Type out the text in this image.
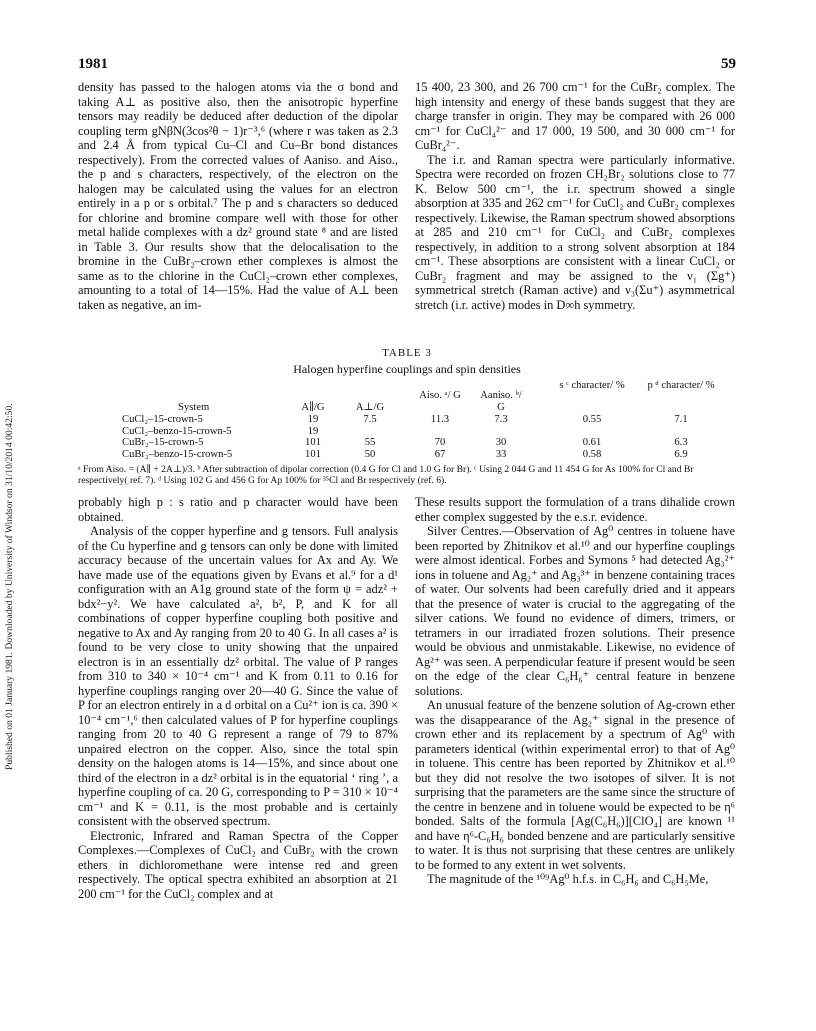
Published on 01 January 1981. Downloaded by University of Windsor on 31/10/2014 00:42:50.
1981	59

density has passed to the halogen atoms via the σ bond and taking A⊥ as positive also, then the anisotropic hyperfine tensors may readily be deduced after deduction of the dipolar coupling term gNβN(3cos²θ − 1)r⁻³,⁶ (where r was taken as 2.3 and 2.4 Å from typical Cu–Cl and Cu–Br bond distances respectively). From the corrected values of Aaniso. and Aiso., the p and s characters, respectively, of the electron on the halogen may be calculated using the values for an electron entirely in a p or s orbital.⁷ The p and s characters so deduced for chlorine and bromine compare well with those for other metal halide complexes with a dz² ground state ⁸ and are listed in Table 3. Our results show that the delocalisation to the bromine in the CuBr₂–crown ether complexes is almost the same as to the chlorine in the CuCl₂–crown ether complexes, amounting to a total of 14—15%. Had the value of A⊥ been taken as negative, an im-

15 400, 23 300, and 26 700 cm⁻¹ for the CuBr₂ complex. The high intensity and energy of these bands suggest that they are charge transfer in origin. They may be compared with 26 000 cm⁻¹ for CuCl₄²⁻ and 17 000, 19 500, and 30 000 cm⁻¹ for CuBr₄²⁻.

The i.r. and Raman spectra were particularly informative. Spectra were recorded on frozen CH₂Br₂ solutions close to 77 K. Below 500 cm⁻¹, the i.r. spectrum showed a single absorption at 335 and 262 cm⁻¹ for CuCl₂ and CuBr₂ complexes respectively. Likewise, the Raman spectrum showed absorptions at 285 and 210 cm⁻¹ for CuCl₂ and CuBr₂ complexes respectively, in addition to a strong solvent absorption at 184 cm⁻¹. These absorptions are consistent with a linear CuCl₂ or CuBr₂ fragment and may be assigned to the ν₁ (Σg⁺) symmetrical stretch (Raman active) and ν₃(Σu⁺) asymmetrical stretch (i.r. active) modes in D∞h symmetry.

TABLE 3
Halogen hyperfine couplings and spin densities
System	A∥/G	A⊥/G
Aiso. ᵃ/ G	Aaniso. ᵇ/ G
s ᶜ character/ %	p ᵈ character/ %
CuCl₂–15-crown-5	19	7.5	11.3	7.3	0.55	7.1
CuCl₂–benzo-15-crown-5	19
CuBr₂–15-crown-5	101	55	70	30	0.61	6.3
CuBr₂–benzo-15-crown-5	101	50	67	33	0.58	6.9

ᵃ From Aiso. = (A∥ + 2A⊥)/3. ᵇ After subtraction of dipolar correction (0.4 G for Cl and 1.0 G for Br). ᶜ Using 2 044 G and 11 454 G for As 100% for Cl and Br respectively( ref. 7). ᵈ Using 102 G and 456 G for Ap 100% for ³⁵Cl and Br respectively (ref. 6).

probably high p : s ratio and p character would have been obtained.

Analysis of the copper hyperfine and g tensors. Full analysis of the Cu hyperfine and g tensors can only be done with limited accuracy because of the uncertain values for Ax and Ay. We have made use of the equations given by Evans et al.⁹ for a d¹ configuration with an A1g ground state of the form ψ = adz² + bdx²−y². We have calculated a², b², P, and K for all combinations of copper hyperfine coupling both positive and negative to Ax and Ay ranging from 20 to 40 G. In all cases a² is found to be very close to unity showing that the unpaired electron is in an essentially dz² orbital. The value of P ranges from 310 to 340 × 10⁻⁴ cm⁻¹ and K from 0.11 to 0.16 for hyperfine couplings ranging over 20—40 G. Since the value of P for an electron entirely in a d orbital on a Cu²⁺ ion is ca. 390 × 10⁻⁴ cm⁻¹,⁶ then calculated values of P for hyperfine couplings ranging from 20 to 40 G represent a range of 79 to 87% unpaired electron on the copper. Also, since the total spin density on the halogen atoms is 14—15%, and since about one third of the electron in a dz² orbital is in the equatorial ‘ ring ’, a hyperfine coupling of ca. 20 G, corresponding to P = 310 × 10⁻⁴ cm⁻¹ and K = 0.11, is the most probable and is certainly consistent with the observed spectrum.

Electronic, Infrared and Raman Spectra of the Copper Complexes.—Complexes of CuCl₂ and CuBr₂ with the crown ethers in dichloromethane were intense red and green respectively. The optical spectra exhibited an absorption at 21 200 cm⁻¹ for the CuCl₂ complex and at

These results support the formulation of a trans dihalide crown ether complex suggested by the e.s.r. evidence.

Silver Centres.—Observation of Ag⁰ centres in toluene have been reported by Zhitnikov et al.¹⁰ and our hyperfine couplings were almost identical. Forbes and Symons ⁵ had detected Ag₃²⁺ ions in toluene and Ag₂⁺ and Ag₃³⁺ in benzene containing traces of water. Our solvents had been carefully dried and it appears that the presence of water is crucial to the aggregating of the silver cations. We found no evidence of dimers, trimers, or tetramers in our irradiated frozen solutions. Their presence would be obvious and unmistakable. Likewise, no evidence of Ag²⁺ was seen. A perpendicular feature if present would be seen on the edge of the clear C₆H₆⁺ central feature in benzene solutions.

An unusual feature of the benzene solution of Ag-crown ether was the disappearance of the Ag₂⁺ signal in the presence of crown ether and its replacement by a spectrum of Ag⁰ with parameters identical (within experimental error) to that of Ag⁰ in toluene. This centre has been reported by Zhitnikov et al.¹⁰ but they did not resolve the two isotopes of silver. It is not surprising that the parameters are the same since the structure of the centre in benzene and in toluene would be expected to be η⁶ bonded. Salts of the formula [Ag(C₆H₆)][ClO₄] are known ¹¹ and have η⁶-C₆H₆ bonded benzene and are particularly sensitive to water. It is thus not surprising that these centres are unlikely to be formed to any extent in wet solvents.

The magnitude of the ¹⁰⁹Ag⁰ h.f.s. in C₆H₆ and C₆H₅Me,
